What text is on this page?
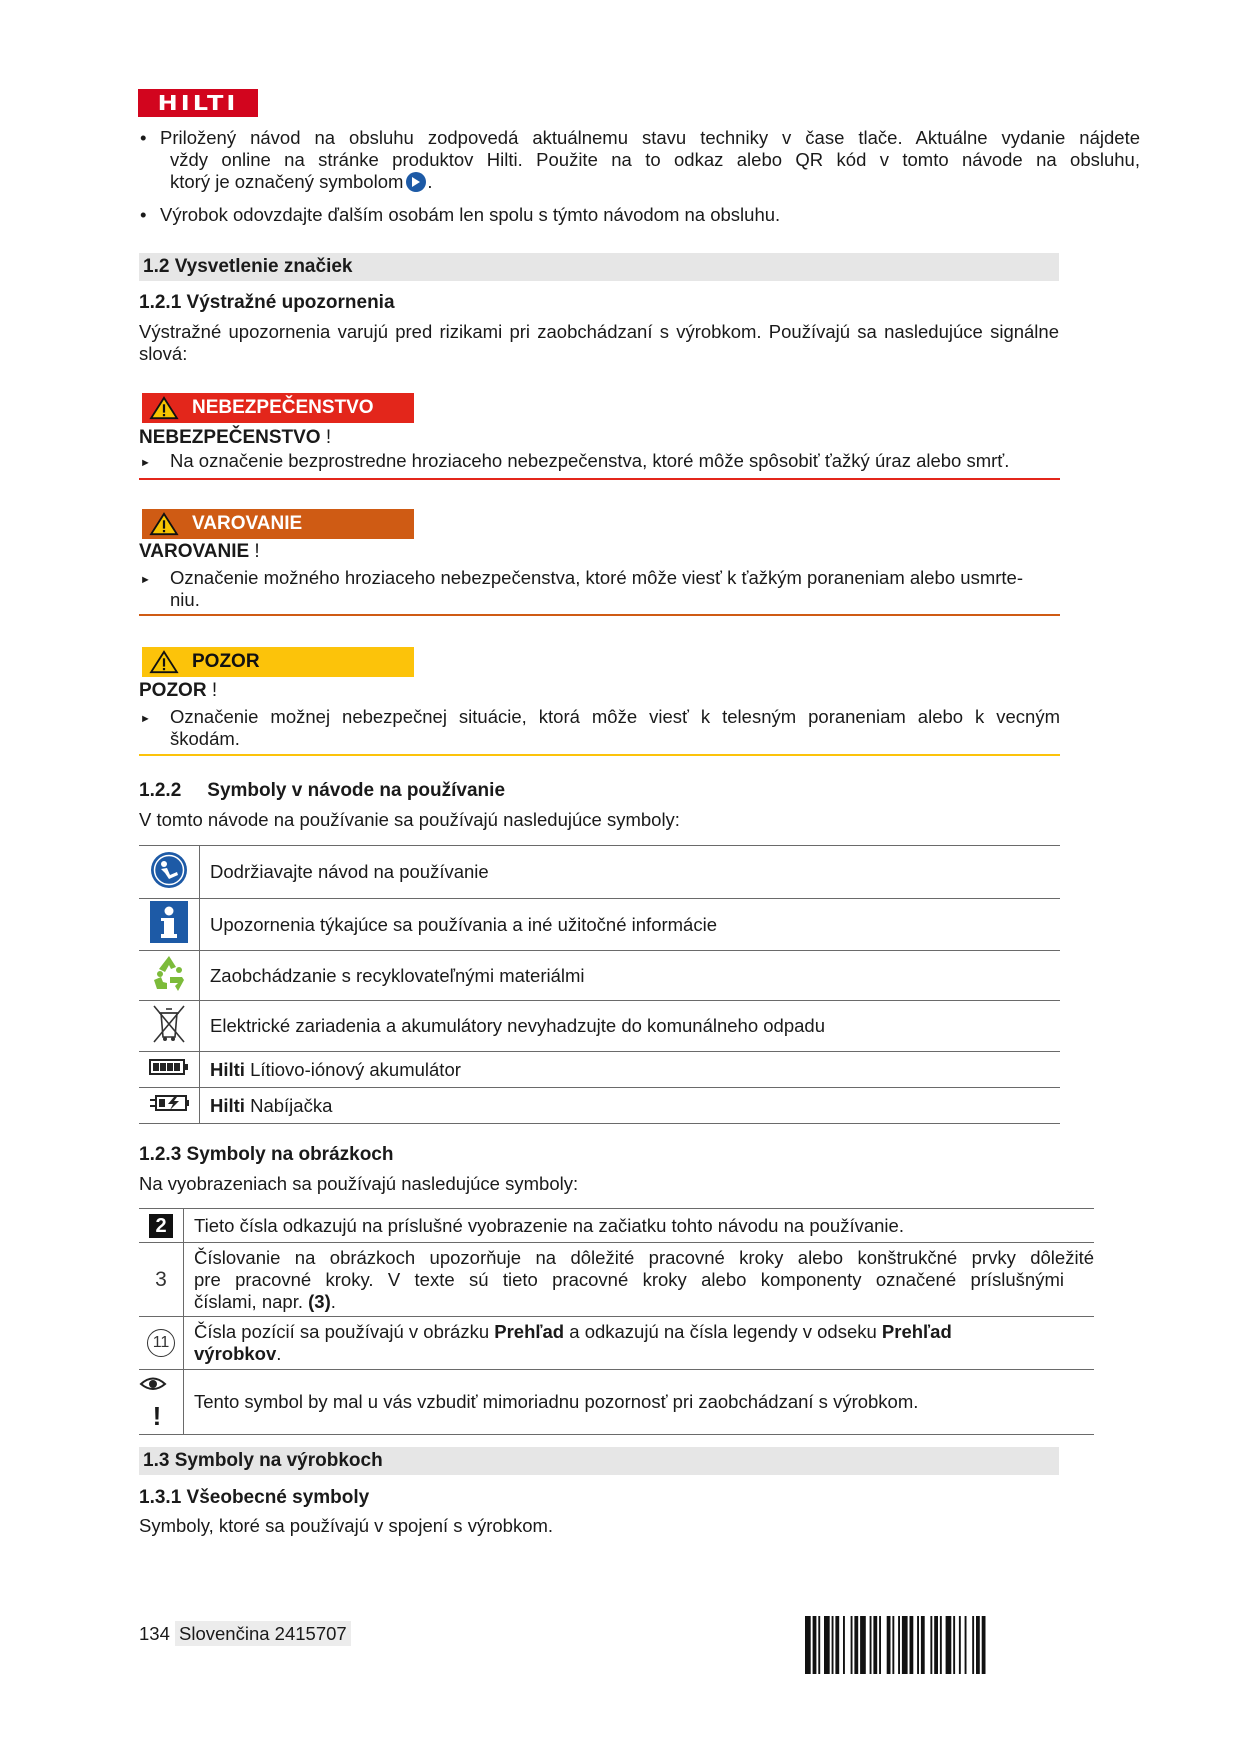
HILTI
• Priložený návod na obsluhu zodpovedá aktuálnemu stavu techniky v čase tlače. Aktuálne vydanie nájdete

vždy online na stránke produktov Hilti. Použite na to odkaz alebo QR kód v tomto návode na obsluhu,

ktorý je označený symbolom .

• Výrobok odovzdajte ďalším osobám len spolu s týmto návodom na obsluhu.

1.2 Vysvetlenie značiek
1.2.1 Výstražné upozornenia
Výstražné upozornenia varujú pred rizikami pri zaobchádzaní s výrobkom. Používajú sa nasledujúce signálne
slová:
NEBEZPEČENSTVO
NEBEZPEČENSTVO !
► Na označenie bezprostredne hroziaceho nebezpečenstva, ktoré môže spôsobiť ťažký úraz alebo smrť.
VAROVANIE
VAROVANIE !
► Označenie možného hroziaceho nebezpečenstva, ktoré môže viesť k ťažkým poraneniam alebo usmrte-
niu.
POZOR
POZOR !
► Označenie možnej nebezpečnej situácie, ktorá môže viesť k telesným poraneniam alebo k vecným
škodám.
1.2.2 Symboly v návode na používanie
V tomto návode na používanie sa používajú nasledujúce symboly:
	Dodržiavajte návod na používanie
	Upozornenia týkajúce sa používania a iné užitočné informácie
	Zaobchádzanie s recyklovateľnými materiálmi
	Elektrické zariadenia a akumulátory nevyhadzujte do komunálneho odpadu
	Hilti Lítiovo-iónový akumulátor
	Hilti Nabíjačka
1.2.3 Symboly na obrázkoch
Na vyobrazeniach sa používajú nasledujúce symboly:
2	Tieto čísla odkazujú na príslušné vyobrazenie na začiatku tohto návodu na používanie.
3	Číslovanie na obrázkoch upozorňuje na dôležité pracovné kroky alebo konštrukčné prvky dôležité
pre pracovné kroky. V texte sú tieto pracovné kroky alebo komponenty označené príslušnými
číslami, napr. (3).

11	Čísla pozícií sa používajú v obrázku Prehľad a odkazujú na čísla legendy v odseku Prehľad
výrobkov.

!	Tento symbol by mal u vás vzbudiť mimoriadnu pozornosť pri zaobchádzaní s výrobkom.
1.3 Symboly na výrobkoch
1.3.1 Všeobecné symboly
Symboly, ktoré sa používajú v spojení s výrobkom.
134 Slovenčina 2415707
